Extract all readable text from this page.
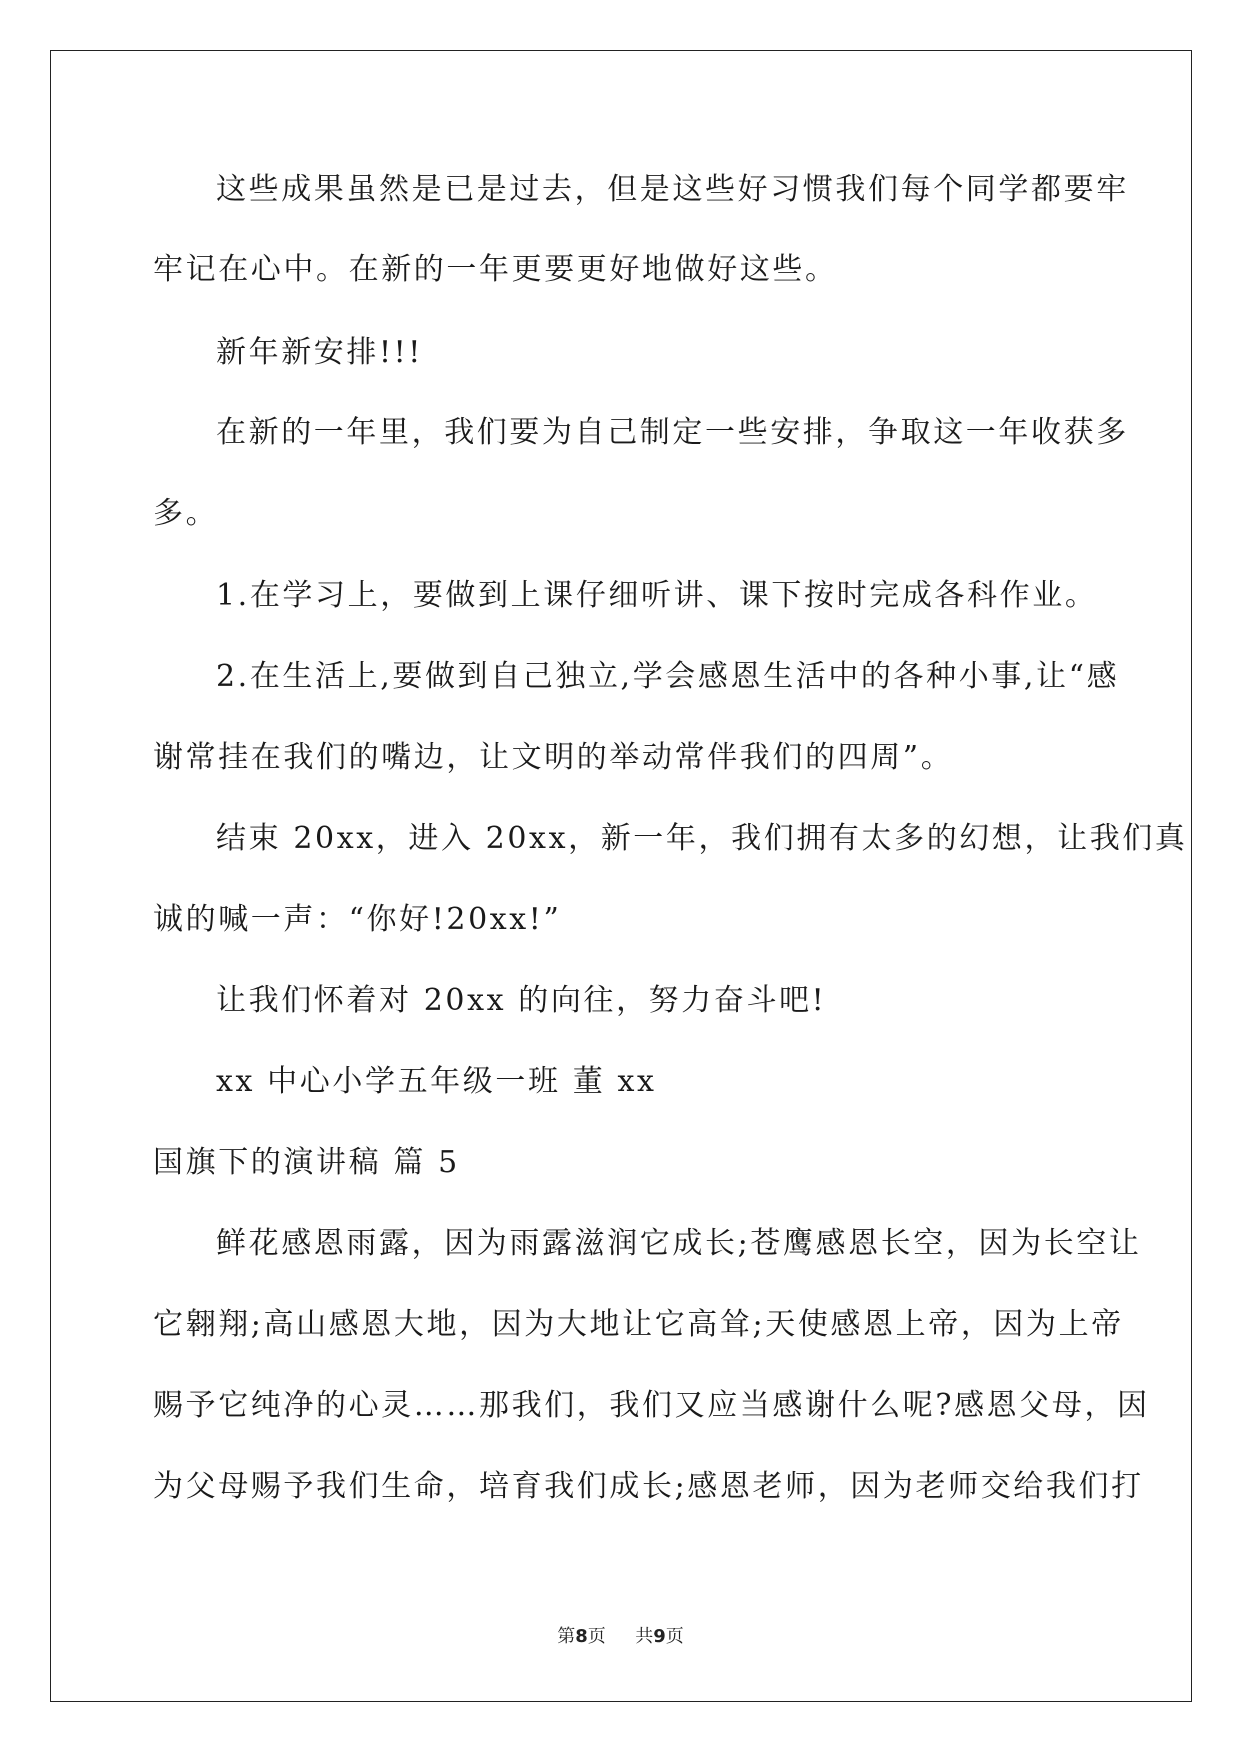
这些成果虽然是已是过去，但是这些好习惯我们每个同学都要牢
牢记在心中。在新的一年更要更好地做好这些。
新年新安排!!!
在新的一年里，我们要为自己制定一些安排，争取这一年收获多
多。
1.在学习上，要做到上课仔细听讲、课下按时完成各科作业。
2.在生活上,要做到自己独立,学会感恩生活中的各种小事,让“感
谢常挂在我们的嘴边，让文明的举动常伴我们的四周”。
结束 20xx，进入 20xx，新一年，我们拥有太多的幻想，让我们真
诚的喊一声：“你好!20xx!”
让我们怀着对 20xx 的向往，努力奋斗吧!
xx 中心小学五年级一班 董 xx
国旗下的演讲稿 篇 5
鲜花感恩雨露，因为雨露滋润它成长;苍鹰感恩长空，因为长空让
它翱翔;高山感恩大地，因为大地让它高耸;天使感恩上帝，因为上帝
赐予它纯净的心灵……那我们，我们又应当感谢什么呢?感恩父母，因
为父母赐予我们生命，培育我们成长;感恩老师，因为老师交给我们打
第8页 共9页
